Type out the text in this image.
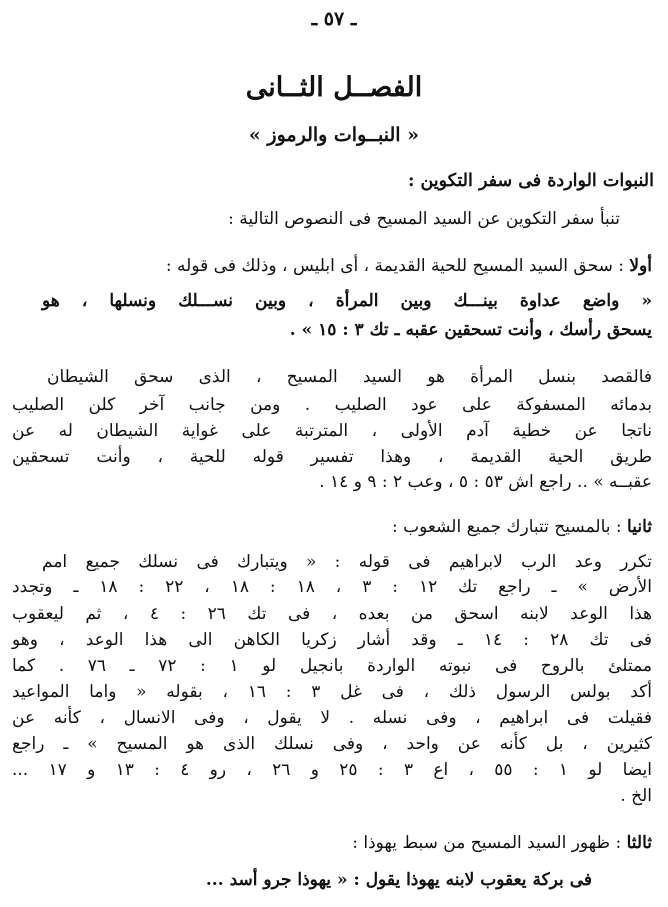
ـ ٥٧ ـ
الفصــل الثــانى
« النبــوات والرموز »
النبوات الواردة فى سفر التكوين :
تنبأ سفر التكوين عن السيد المسيح فى النصوص التالية :
أولا : سحق السيد المسيح للحية القديمة ، أى ابليس ، وذلك فى قوله :
« واضع عداوة بينـــك وبين المرأة ، وبين نســـلك ونسلها ، هو
يسحق رأسك ، وأنت تسحقين عقبه ـ تك ٣ : ١٥ » .
فالقصد بنسل المرأة هو السيد المسيح ، الذى سحق الشيطان
بدمائه المسفوكة على عود الصليب . ومن جانب آخر كلن الصليب
ناتجا عن خطية آدم الأولى ، المترتبة على غواية الشيطان له عن
طريق الحية القديمة ، وهذا تفسير قوله للحية ، وأنت تسحقين
عقبــه » .. راجع اش ٥٣ : ٥ ، وعب ٢ : ٩ و ١٤ .
ثانيا : بالمسيح تتبارك جميع الشعوب :
تكرر وعد الرب لابراهيم فى قوله : « ويتبارك فى نسلك جميع امم
الأرض » ـ راجع تك ١٢ : ٣ ، ١٨ : ١٨ ، ٢٢ : ١٨ ـ وتجدد
هذا الوعد لابنه اسحق من بعده ، فى تك ٢٦ : ٤ ، ثم ليعقوب
فى تك ٢٨ : ١٤ ـ وقد أشار زكريا الكاهن الى هذا الوعد ، وهو
ممتلئ بالروح فى نبوته الواردة بانجيل لو ١ : ٧٢ ـ ٧٦ . كما
أكد بولس الرسول ذلك ، فى غل ٣ : ١٦ ، بقوله « واما المواعيد
فقيلت فى ابراهيم ، وفى نسله . لا يقول ، وفى الانسال ، كأنه عن
كثيرين ، بل كأنه عن واحد ، وفى نسلك الذى هو المسيح » ـ راجع
ايضا لو ١ : ٥٥ ، اع ٣ : ٢٥ و ٢٦ ، رو ٤ : ١٣ و ١٧ ...
الخ .
ثالثا : ظهور السيد المسيح من سبط يهوذا :
فى بركة يعقوب لابنه يهوذا يقول : « يهوذا جرو أسد ...
